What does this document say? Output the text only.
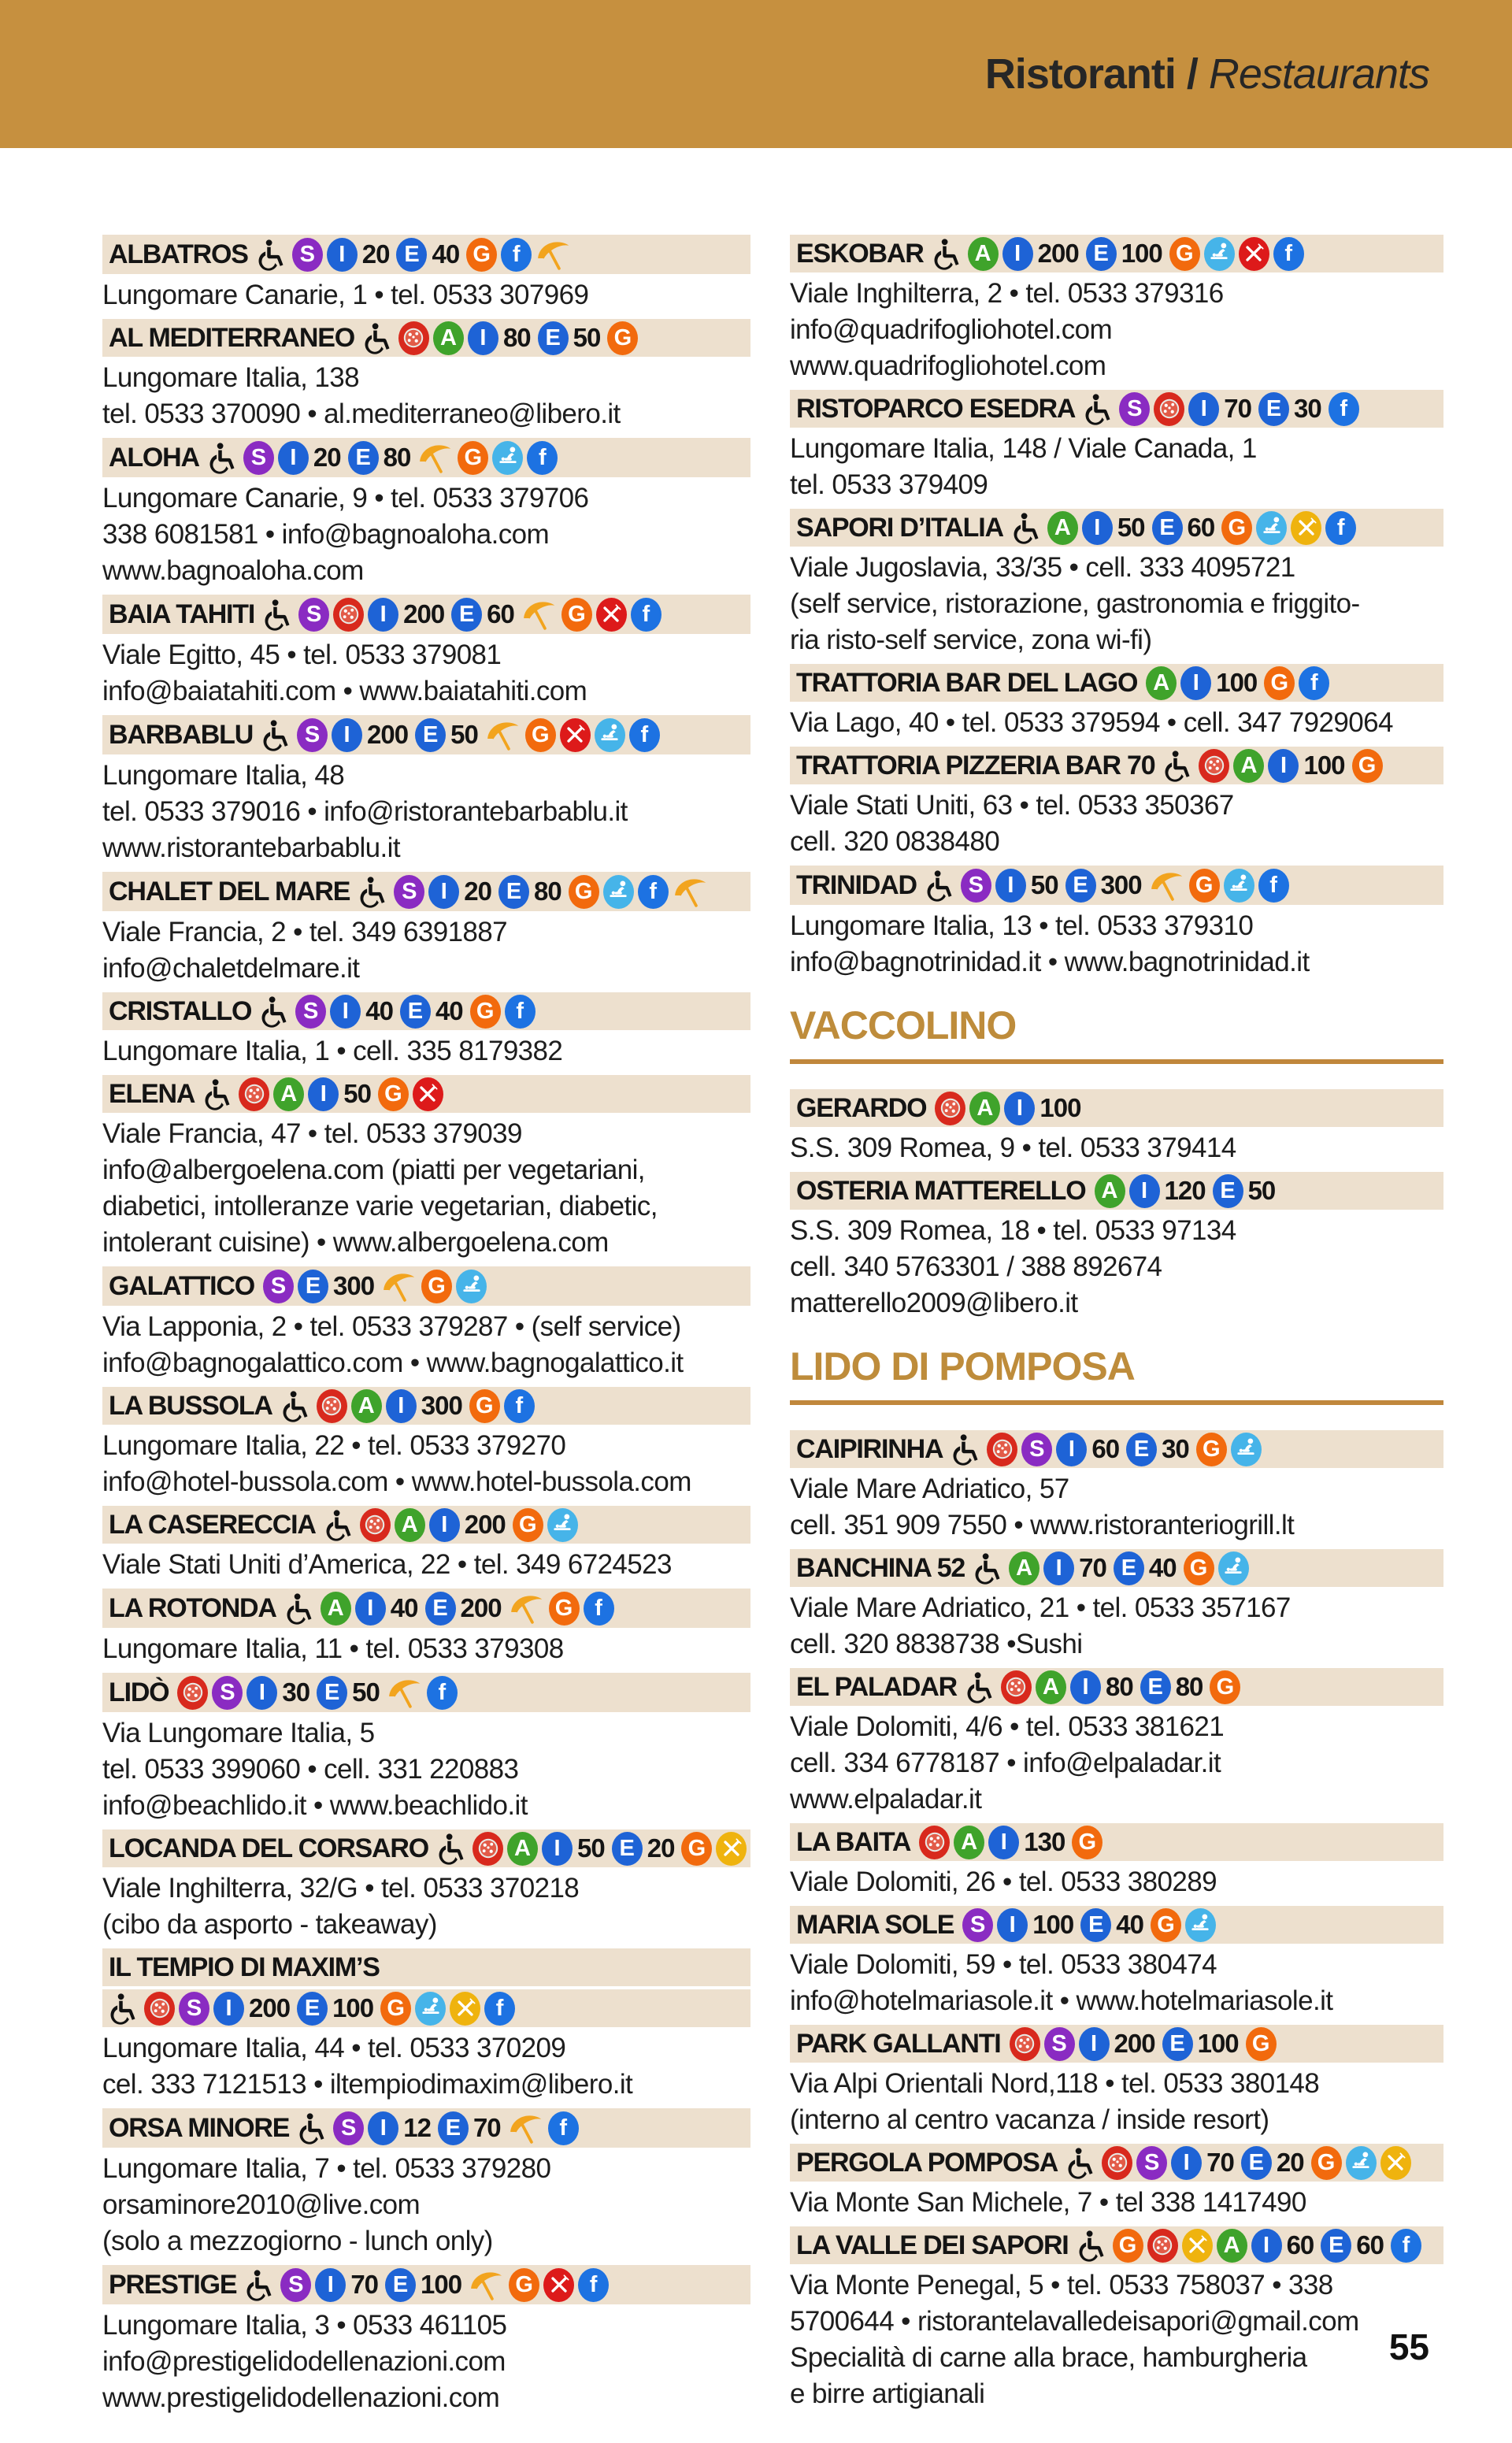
Ristoranti / Restaurants
ALBATROS	S	I 20 E 40 G f
Lungomare Canarie, 1 • tel. 0533 307969
AL MEDITERRANEO	A	I 80 E 50 G
Lungomare Italia, 138
tel. 0533 370090 • al.mediterraneo@libero.it
ALOHA	S	I 20 E 80 G	f
Lungomare Canarie, 9 • tel. 0533 379706
338 6081581 • info@bagnoaloha.com
www.bagnoaloha.com
BAIA TAHITI	S	I 200 E 60 G	f
Viale Egitto, 45 • tel. 0533 379081
info@baiatahiti.com • www.baiatahiti.com
BARBABLU	S	I 200 E 50 G	f
Lungomare Italia, 48
tel. 0533 379016 • info@ristorantebarbablu.it
www.ristorantebarbablu.it
CHALET DEL MARE	S	I 20 E 80 G	f
Viale Francia, 2 • tel. 349 6391887
info@chaletdelmare.it
CRISTALLO	S	I 40 E 40 G f
Lungomare Italia, 1 • cell. 335 8179382
ELENA	A	I 50 G
Viale Francia, 47 • tel. 0533 379039
info@albergoelena.com (piatti per vegetariani,
diabetici, intolleranze varie vegetarian, diabetic,
intolerant cuisine) • www.albergoelena.com
GALATTICO S E 300 G
Via Lapponia, 2 • tel. 0533 379287 • (self service)
info@bagnogalattico.com • www.bagnogalattico.it
LA BUSSOLA	A	I 300 G f
Lungomare Italia, 22 • tel. 0533 379270
info@hotel-bussola.com • www.hotel-bussola.com
LA CASERECCIA	A	I 200 G
Viale Stati Uniti d’America, 22 • tel. 349 6724523
LA ROTONDA	A	I 40 E 200 G f
Lungomare Italia, 11 • tel. 0533 379308
LIDÒ	S	I 30 E 50	f
Via Lungomare Italia, 5
tel. 0533 399060 • cell. 331 220883
info@beachlido.it • www.beachlido.it
LOCANDA DEL CORSARO	A	I 50 E 20 G
Viale Inghilterra, 32/G • tel. 0533 370218
(cibo da asporto - takeaway)
IL TEMPIO DI MAXIM’S
S	I 200 E 100 G	f
Lungomare Italia, 44 • tel. 0533 370209
cel. 333 7121513 • iltempiodimaxim@libero.it
ORSA MINORE	S	I 12 E 70	f
Lungomare Italia, 7 • tel. 0533 379280
orsaminore2010@live.com
(solo a mezzogiorno - lunch only)
PRESTIGE	S	I 70 E 100 G	f
Lungomare Italia, 3 • 0533 461105
info@prestigelidodellenazioni.com
www.prestigelidodellenazioni.com
ESKOBAR	A	I 200 E 100 G	f
Viale Inghilterra, 2 • tel. 0533 379316
info@quadrifogliohotel.com
www.quadrifogliohotel.com
RISTOPARCO ESEDRA	S	I 70 E 30 f
Lungomare Italia, 148 / Viale Canada, 1
tel. 0533 379409
SAPORI D’ITALIA	A	I 50 E 60 G	f
Viale Jugoslavia, 33/35 • cell. 333 4095721
(self service, ristorazione, gastronomia e friggito-
ria risto-self service, zona wi-fi)
TRATTORIA BAR DEL LAGO A	I 100 G f
Via Lago, 40 • tel. 0533 379594 • cell. 347 7929064
TRATTORIA PIZZERIA BAR 70	A	I 100 G
Viale Stati Uniti, 63 • tel. 0533 350367
cell. 320 0838480
TRINIDAD	S	I 50 E 300 G	f
Lungomare Italia, 13 • tel. 0533 379310
info@bagnotrinidad.it • www.bagnotrinidad.it
VACCOLINO
GERARDO	A	I 100
S.S. 309 Romea, 9 • tel. 0533 379414
OSTERIA MATTERELLO A	I 120 E 50
S.S. 309 Romea, 18 • tel. 0533 97134
cell. 340 5763301 / 388 892674
matterello2009@libero.it
LIDO DI POMPOSA
CAIPIRINHA	S	I 60 E 30 G
Viale Mare Adriatico, 57
cell. 351 909 7550 • www.ristoranteriogrill.lt
BANCHINA 52	A	I 70 E 40 G
Viale Mare Adriatico, 21 • tel. 0533 357167
cell. 320 8838738 •Sushi
EL PALADAR	A	I 80 E 80 G
Viale Dolomiti, 4/6 • tel. 0533 381621
cell. 334 6778187 • info@elpaladar.it
www.elpaladar.it
LA BAITA	A	I 130 G
Viale Dolomiti, 26 • tel. 0533 380289
MARIA SOLE S	I 100 E 40 G
Viale Dolomiti, 59 • tel. 0533 380474
info@hotelmariasole.it • www.hotelmariasole.it
PARK GALLANTI	S	I 200 E 100 G
Via Alpi Orientali Nord,118 • tel. 0533 380148
(interno al centro vacanza / inside resort)
PERGOLA POMPOSA	S	I 70 E 20 G
Via Monte San Michele, 7 • tel 338 1417490
LA VALLE DEI SAPORI G	A	I 60 E 60 f
Via Monte Penegal, 5 • tel. 0533 758037 • 338
5700644 • ristorantelavalledeisapori@gmail.com
Specialità di carne alla brace, hamburgheria
e birre artigianali
55
